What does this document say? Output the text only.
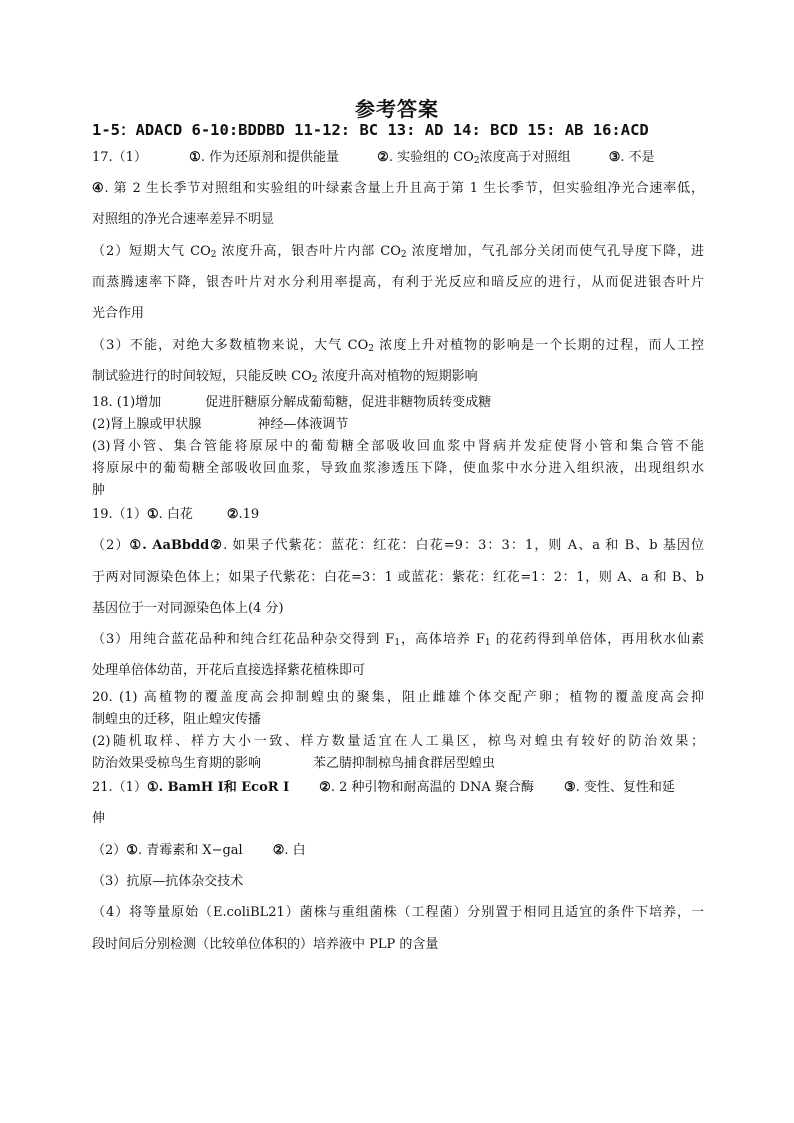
参考答案
1-5：ADACD 6-10:BDDBD 11-12: BC 13: AD 14: BCD 15: AB 16:ACD
17.（1）	①. 作为还原剂和提供能量	②. 实验组的 $CO_2$浓度高于对照组	③. 不是
④. 第 2 生长季节对照组和实验组的叶绿素含量上升且高于第 1 生长季节，但实验组净光合速率低，
对照组的净光合速率差异不明显
（2）短期大气 $CO_2$ 浓度升高，银杏叶片内部 $CO_2$ 浓度增加，气孔部分关闭而使气孔导度下降，进
而蒸腾速率下降，银杏叶片对水分利用率提高，有利于光反应和暗反应的进行，从而促进银杏叶片
光合作用
（3）不能，对绝大多数植物来说，大气 $CO_2$ 浓度上升对植物的影响是一个长期的过程，而人工控
制试验进行的时间较短，只能反映 $CO_2$ 浓度升高对植物的短期影响
18. (1)增加	促进肝糖原分解成葡萄糖，促进非糖物质转变成糖
(2)肾上腺或甲状腺	神经—体液调节
(3)肾小管、集合管能将原尿中的葡萄糖全部吸收回血浆中肾病并发症使肾小管和集合管不能
将原尿中的葡萄糖全部吸收回血浆，导致血浆渗透压下降，使血浆中水分进入组织液，出现组织水
肿
19.（1）①. 白花	②.19
（2）①. AaBbdd②. 如果子代紫花：蓝花：红花：白花=9：3：3：1，则 A、a 和 B、b 基因位
于两对同源染色体上；如果子代紫花：白花=3：1 或蓝花：紫花：红花=1：2：1，则 A、a 和 B、b
基因位于一对同源染色体上(4 分)
（3）用纯合蓝花品种和纯合红花品种杂交得到 $F_1$，高体培养 $F_1$ 的花药得到单倍体，再用秋水仙素
处理单倍体幼苗，开花后直接选择紫花植株即可
20. (1) 高植物的覆盖度高会抑制蝗虫的聚集，阻止雌雄个体交配产卵；植物的覆盖度高会抑
制蝗虫的迁移，阻止蝗灾传播
(2)随机取样、样方大小一致、样方数量适宜在人工巢区，椋鸟对蝗虫有较好的防治效果；
防治效果受椋鸟生育期的影响	苯乙腈抑制椋鸟捕食群居型蝗虫
21.（1）①. BamH Ⅰ和 EcoR Ⅰ ②. 2 种引物和耐高温的 DNA 聚合酶 ③. 变性、复性和延
伸
（2）①. 青霉素和 X−gal ②. 白
（3）抗原—抗体杂交技术
（4）将等量原始（E.coliBL21）菌株与重组菌株（工程菌）分别置于相同且适宜的条件下培养，一
段时间后分别检测（比较单位体积的）培养液中 PLP 的含量
